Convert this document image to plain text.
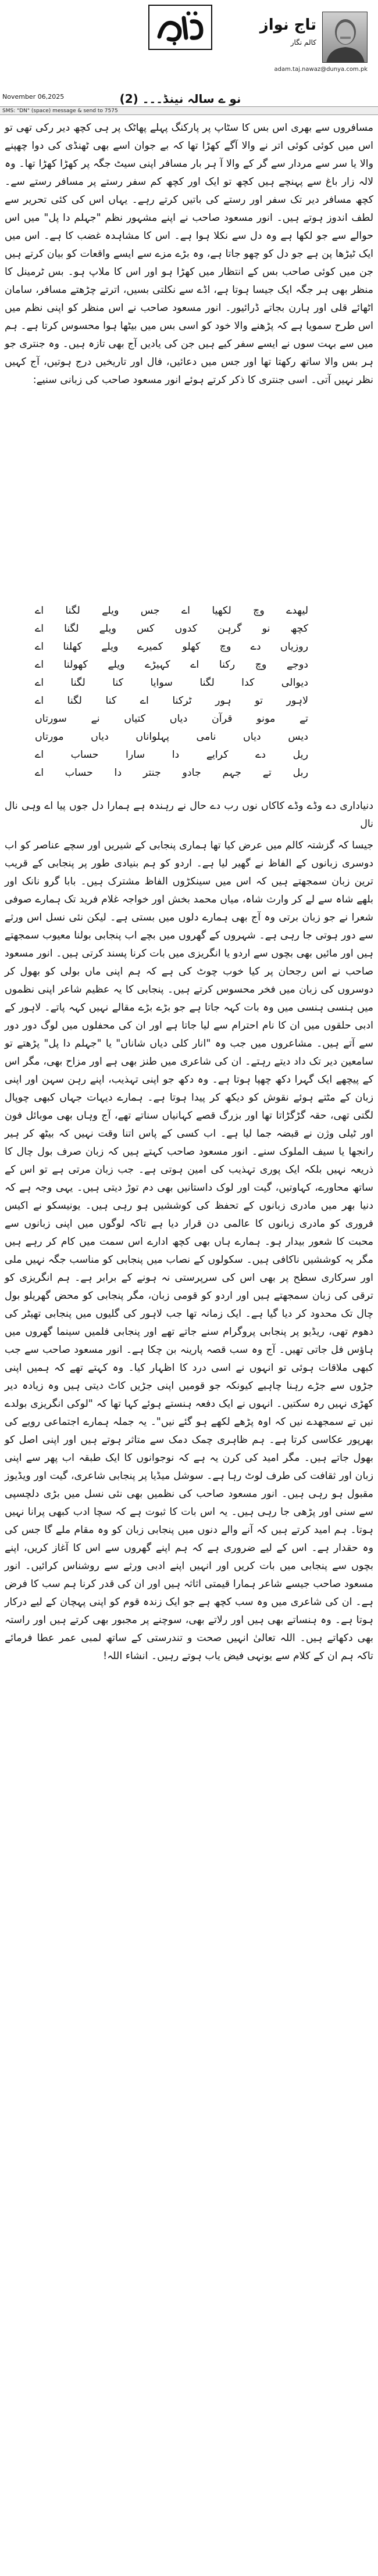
تاج نواز
کالم نگار
adam.taj.nawaz@dunya.com.pk
November 06,2025	نو ے سالہ نینڈ۔۔۔ (2)
SMS: "DN" (space) message & send to 7575

مسافروں سے بھری اس بس کا سٹاپ پر پارکنگ پہلے پھاٹک پر ہی کچھ دیر رکی تھی تو اس میں کوئی کوئی اتر نے والا آگے کھڑا تھا کہ بے جوان اسے بھی ٹھنڈی کی دوا چھپنے والا یا سر سے مردار سے گر کے والا آ ہر بار مسافر اپنی سیٹ جگہ پر کھڑا کھڑا تھا۔ وہ لالہ زار باغ سے پہنچے ہیں کچھ تو ایک اور کچھ کم سفر رستے پر مسافر رستے سے۔ کچھ مسافر دیر تک سفر اور رستے کی باتیں کرتے رہے۔ یہاں اس کی کئی تحریر سے لطف اندوز ہوتے ہیں۔ انور مسعود صاحب نے اپنے مشہور نظم "جہلم دا پل" میں اس حوالے سے جو لکھا ہے وہ دل سے نکلا ہوا ہے۔ اس کا مشاہدہ غضب کا ہے۔ اس میں ایک ٹیڑھا پن ہے جو دل کو چھو جاتا ہے، وہ بڑے مزے سے ایسے واقعات کو بیان کرتے ہیں جن میں کوئی صاحب بس کے انتظار میں کھڑا ہو اور اس کا ملاپ ہو۔ بس ٹرمینل کا منظر بھی ہر جگہ ایک جیسا ہوتا ہے، اڈے سے نکلتی بسیں، اترتے چڑھتے مسافر، سامان اٹھائے قلی اور ہارن بجاتے ڈرائیور۔ انور مسعود صاحب نے اس منظر کو اپنی نظم میں اس طرح سمویا ہے کہ پڑھنے والا خود کو اسی بس میں بیٹھا ہوا محسوس کرتا ہے۔ ہم میں سے بہت سوں نے ایسے سفر کیے ہیں جن کی یادیں آج بھی تازہ ہیں۔ وہ جنتری جو ہر بس والا ساتھ رکھتا تھا اور جس میں دعائیں، فال اور تاریخیں درج ہوتیں، آج کہیں نظر نہیں آتی۔ اسی جنتری کا ذکر کرتے ہوئے انور مسعود صاحب کی زبانی سنیے:

لیھدے وچ لکھیا اے جس ویلے لگنا اے
کچھ نو گرہن کدوں کس ویلے لگنا اے
روزیاں دے وچ کھلو کمیرے ویلے کھلنا اے
دوجے وچ رکنا اے کہیڑے ویلے کھولنا اے
دیوالی کدا لگنا سوایا کنا لگنا اے
لاہور تو ہور ٹرکنا اے کنا لگنا اے
تے مونو قرآن دیاں کتیاں نے سورتاں
دیس دیاں نامی پہلواناں دیاں مورتاں
ریل دے کرایے دا سارا حساب اے
ربل تے جہم جادو جنتر دا حساب اے

دنیاداری دے وڈے وڈے کاکاں نوں رب دے حال نے رہندہ ہے ہمارا دل جوں پیا اے وہی نال نال

جیسا کہ گزشتہ کالم میں عرض کیا تھا ہماری پنجابی کے شیریں اور سچے عناصر کو اب دوسری زبانوں کے الفاظ نے گھیر لیا ہے۔ اردو کو ہم بنیادی طور پر پنجابی کے قریب ترین زبان سمجھتے ہیں کہ اس میں سینکڑوں الفاظ مشترک ہیں۔ بابا گرو نانک اور بلھے شاہ سے لے کر وارث شاہ، میاں محمد بخش اور خواجہ غلام فرید تک ہمارے صوفی شعرا نے جو زبان برتی وہ آج بھی ہمارے دلوں میں بستی ہے۔ لیکن نئی نسل اس ورثے سے دور ہوتی جا رہی ہے۔ شہروں کے گھروں میں بچے اب پنجابی بولنا معیوب سمجھتے ہیں اور مائیں بھی بچوں سے اردو یا انگریزی میں بات کرنا پسند کرتی ہیں۔ انور مسعود صاحب نے اس رجحان پر کیا خوب چوٹ کی ہے کہ ہم اپنی ماں بولی کو بھول کر دوسروں کی زبان میں فخر محسوس کرتے ہیں۔ پنجابی کا یہ عظیم شاعر اپنی نظموں میں ہنسی ہنسی میں وہ بات کہہ جاتا ہے جو بڑے بڑے مقالے نہیں کہہ پاتے۔ لاہور کے ادبی حلقوں میں ان کا نام احترام سے لیا جاتا ہے اور ان کی محفلوں میں لوگ دور دور سے آتے ہیں۔ مشاعروں میں جب وہ "انار کلی دیاں شاناں" یا "جہلم دا پل" پڑھتے تو سامعین دیر تک داد دیتے رہتے۔ ان کی شاعری میں طنز بھی ہے اور مزاح بھی، مگر اس کے پیچھے ایک گہرا دکھ چھپا ہوتا ہے۔ وہ دکھ جو اپنی تہذیب، اپنے رہن سہن اور اپنی زبان کے مٹتے ہوئے نقوش کو دیکھ کر پیدا ہوتا ہے۔ ہمارے دیہات جہاں کبھی چوپال لگتی تھی، حقہ گڑگڑاتا تھا اور بزرگ قصے کہانیاں سناتے تھے، آج وہاں بھی موبائل فون اور ٹیلی وژن نے قبضہ جما لیا ہے۔ اب کسی کے پاس اتنا وقت نہیں کہ بیٹھ کر ہیر رانجھا یا سیف الملوک سنے۔ انور مسعود صاحب کہتے ہیں کہ زبان صرف بول چال کا ذریعہ نہیں بلکہ ایک پوری تہذیب کی امین ہوتی ہے۔ جب زبان مرتی ہے تو اس کے ساتھ محاورے، کہاوتیں، گیت اور لوک داستانیں بھی دم توڑ دیتی ہیں۔ یہی وجہ ہے کہ دنیا بھر میں مادری زبانوں کے تحفظ کی کوششیں ہو رہی ہیں۔ یونیسکو نے اکیس فروری کو مادری زبانوں کا عالمی دن قرار دیا ہے تاکہ لوگوں میں اپنی زبانوں سے محبت کا شعور بیدار ہو۔ ہمارے ہاں بھی کچھ ادارے اس سمت میں کام کر رہے ہیں مگر یہ کوششیں ناکافی ہیں۔ سکولوں کے نصاب میں پنجابی کو مناسب جگہ نہیں ملی اور سرکاری سطح پر بھی اس کی سرپرستی نہ ہونے کے برابر ہے۔ ہم انگریزی کو ترقی کی زبان سمجھتے ہیں اور اردو کو قومی زبان، مگر پنجابی کو محض گھریلو بول چال تک محدود کر دیا گیا ہے۔ ایک زمانہ تھا جب لاہور کی گلیوں میں پنجابی تھیٹر کی دھوم تھی، ریڈیو پر پنجابی پروگرام سنے جاتے تھے اور پنجابی فلمیں سینما گھروں میں ہاؤس فل جاتی تھیں۔ آج وہ سب قصہ پارینہ بن چکا ہے۔ انور مسعود صاحب سے جب کبھی ملاقات ہوئی تو انہوں نے اسی درد کا اظہار کیا۔ وہ کہتے تھے کہ ہمیں اپنی جڑوں سے جڑے رہنا چاہیے کیونکہ جو قومیں اپنی جڑیں کاٹ دیتی ہیں وہ زیادہ دیر کھڑی نہیں رہ سکتیں۔ انہوں نے ایک دفعہ ہنستے ہوئے کہا تھا کہ "لوکی انگریزی بولدے نیں تے سمجھدے نیں کہ اوہ پڑھے لکھے ہو گئے نیں"۔ یہ جملہ ہمارے اجتماعی رویے کی بھرپور عکاسی کرتا ہے۔ ہم ظاہری چمک دمک سے متاثر ہوتے ہیں اور اپنی اصل کو بھول جاتے ہیں۔ مگر امید کی کرن یہ ہے کہ نوجوانوں کا ایک طبقہ اب پھر سے اپنی زبان اور ثقافت کی طرف لوٹ رہا ہے۔ سوشل میڈیا پر پنجابی شاعری، گیت اور ویڈیوز مقبول ہو رہی ہیں۔ انور مسعود صاحب کی نظمیں بھی نئی نسل میں بڑی دلچسپی سے سنی اور پڑھی جا رہی ہیں۔ یہ اس بات کا ثبوت ہے کہ سچا ادب کبھی پرانا نہیں ہوتا۔ ہم امید کرتے ہیں کہ آنے والے دنوں میں پنجابی زبان کو وہ مقام ملے گا جس کی وہ حقدار ہے۔ اس کے لیے ضروری ہے کہ ہم اپنے گھروں سے اس کا آغاز کریں، اپنے بچوں سے پنجابی میں بات کریں اور انہیں اپنے ادبی ورثے سے روشناس کرائیں۔ انور مسعود صاحب جیسے شاعر ہمارا قیمتی اثاثہ ہیں اور ان کی قدر کرنا ہم سب کا فرض ہے۔ ان کی شاعری میں وہ سب کچھ ہے جو ایک زندہ قوم کو اپنی پہچان کے لیے درکار ہوتا ہے۔ وہ ہنساتے بھی ہیں اور رلاتے بھی، سوچنے پر مجبور بھی کرتے ہیں اور راستہ بھی دکھاتے ہیں۔ اللہ تعالیٰ انہیں صحت و تندرستی کے ساتھ لمبی عمر عطا فرمائے تاکہ ہم ان کے کلام سے یونہی فیض یاب ہوتے رہیں۔ انشاء اللہ!
